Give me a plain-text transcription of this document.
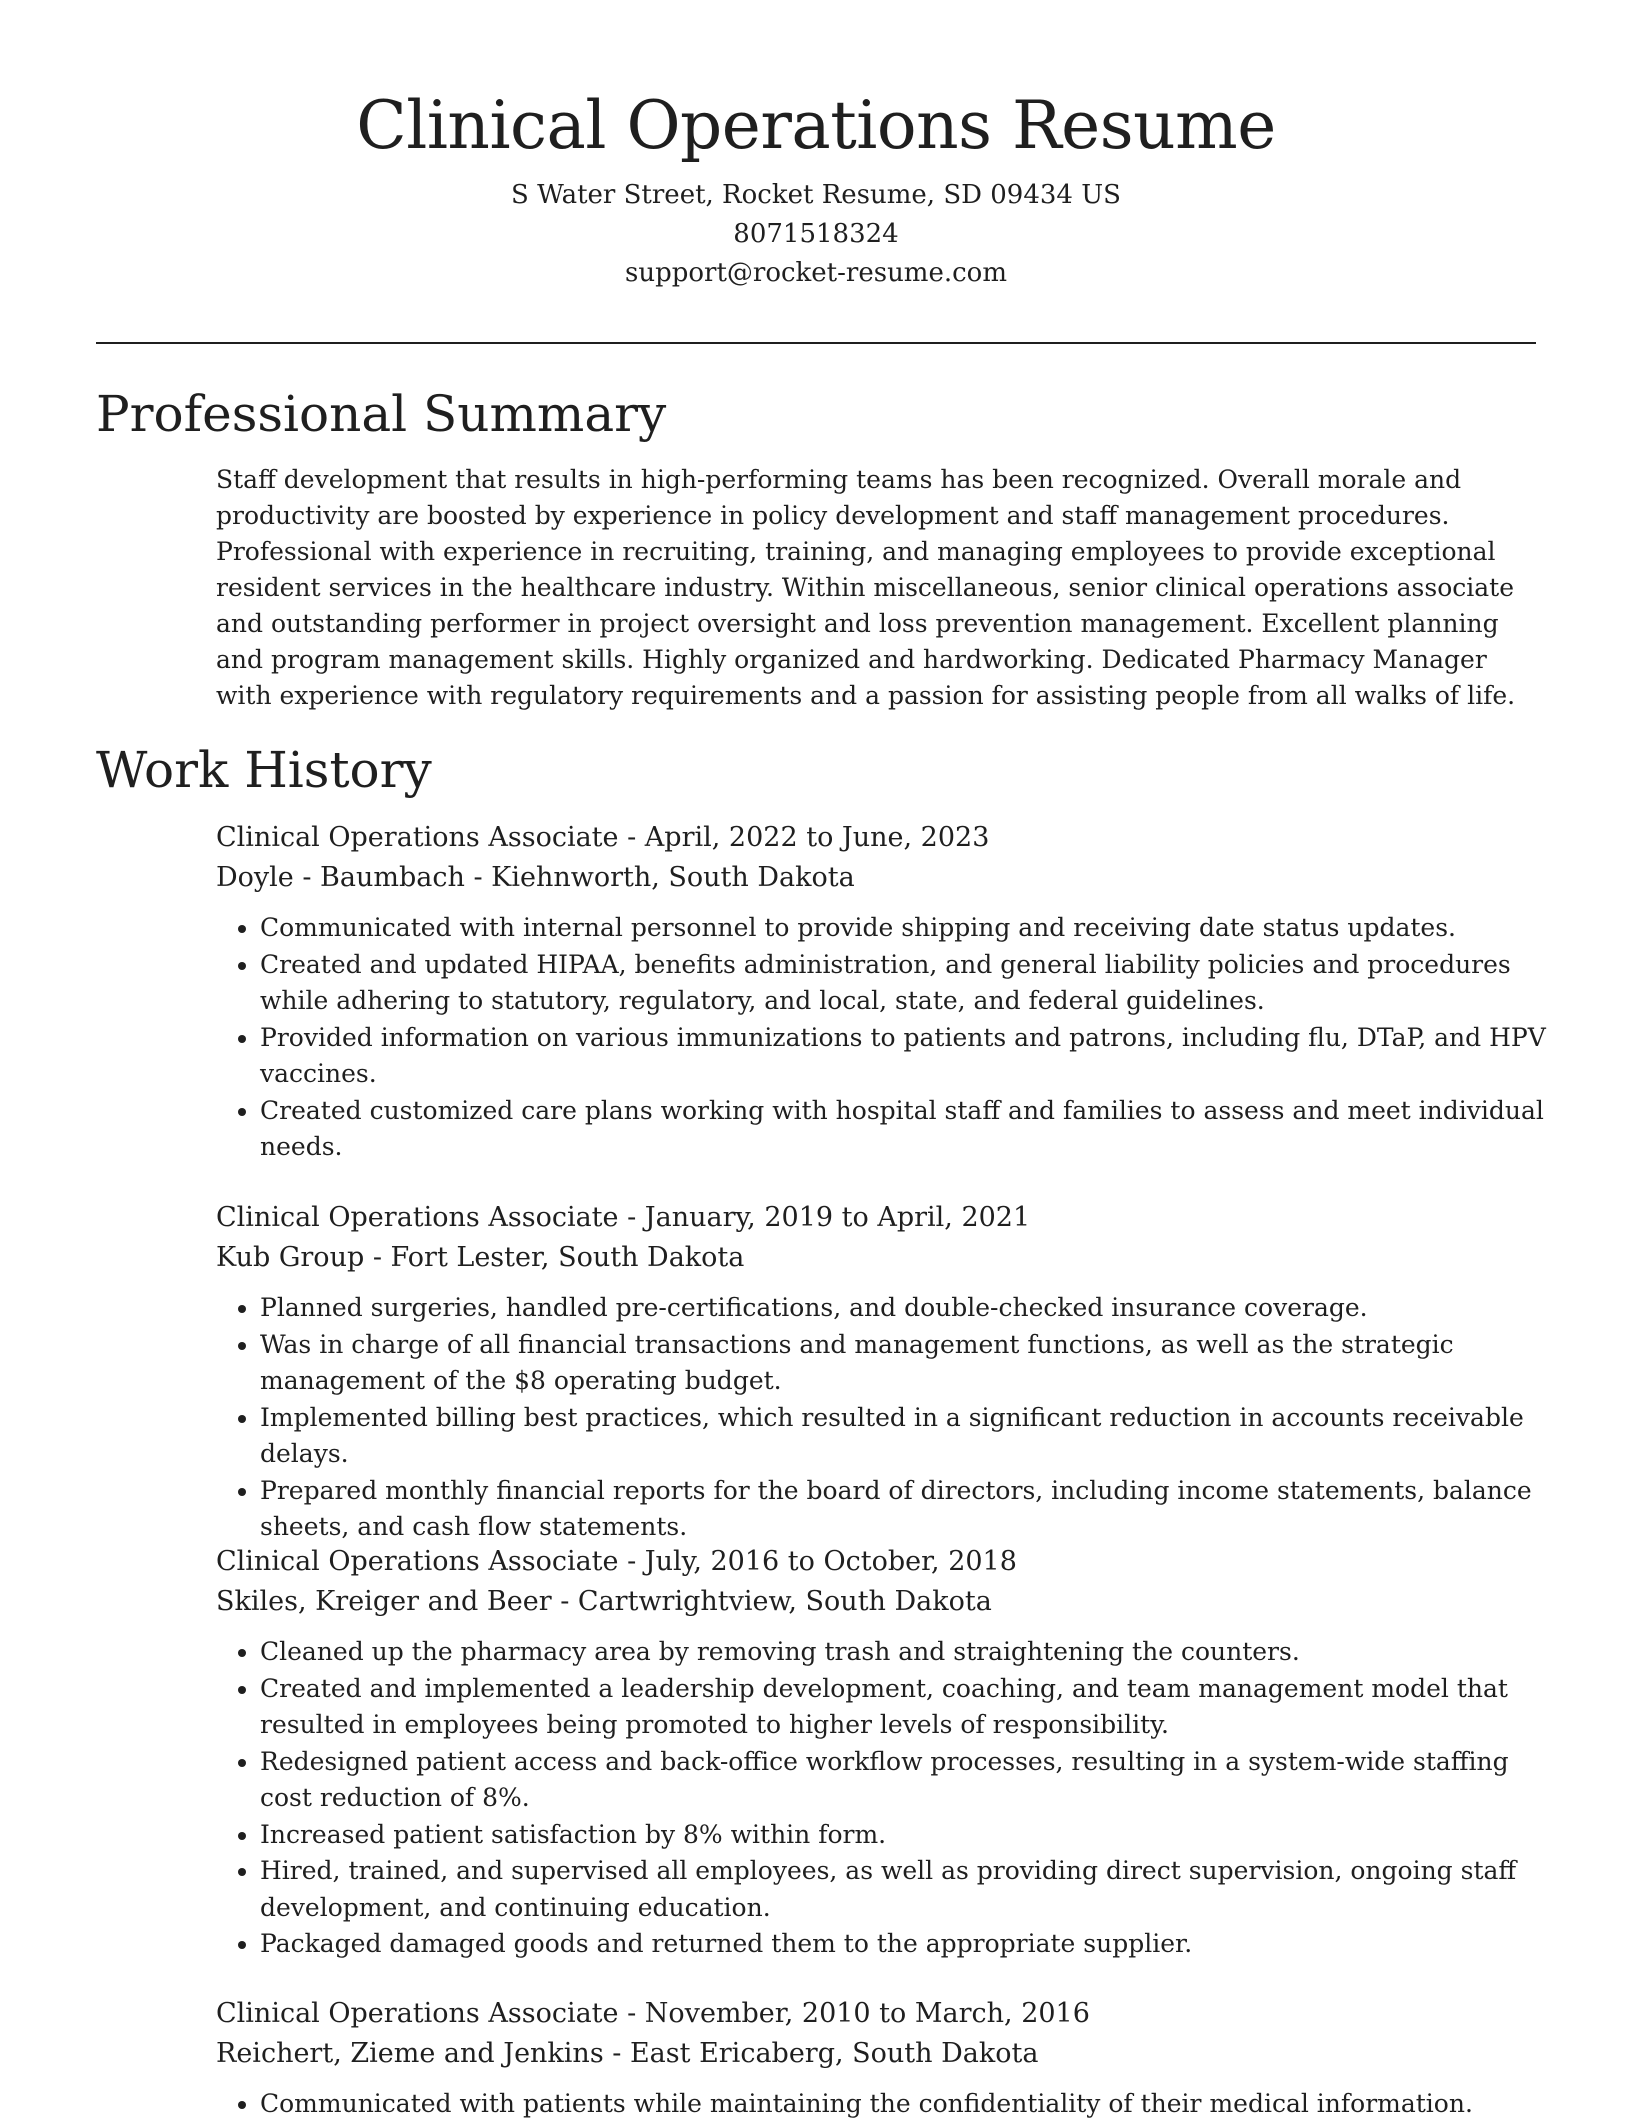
Clinical Operations Resume

S Water Street, Rocket Resume, SD 09434 US

8071518324

support@rocket-resume.com

Professional Summary

Staff development that results in high-performing teams has been recognized. Overall morale and productivity are boosted by experience in policy development and staff management procedures. Professional with experience in recruiting, training, and managing employees to provide exceptional resident services in the healthcare industry. Within miscellaneous, senior clinical operations associate and outstanding performer in project oversight and loss prevention management. Excellent planning and program management skills. Highly organized and hardworking. Dedicated Pharmacy Manager with experience with regulatory requirements and a passion for assisting people from all walks of life.

Work History

Clinical Operations Associate - April, 2022 to June, 2023

Doyle - Baumbach - Kiehnworth, South Dakota

• Communicated with internal personnel to provide shipping and receiving date status updates.
• Created and updated HIPAA, benefits administration, and general liability policies and procedures while adhering to statutory, regulatory, and local, state, and federal guidelines.
• Provided information on various immunizations to patients and patrons, including flu, DTaP, and HPV vaccines.
• Created customized care plans working with hospital staff and families to assess and meet individual needs.

Clinical Operations Associate - January, 2019 to April, 2021

Kub Group - Fort Lester, South Dakota

• Planned surgeries, handled pre-certifications, and double-checked insurance coverage.
• Was in charge of all financial transactions and management functions, as well as the strategic management of the $8 operating budget.
• Implemented billing best practices, which resulted in a significant reduction in accounts receivable delays.
• Prepared monthly financial reports for the board of directors, including income statements, balance sheets, and cash flow statements.

Clinical Operations Associate - July, 2016 to October, 2018

Skiles, Kreiger and Beer - Cartwrightview, South Dakota

• Cleaned up the pharmacy area by removing trash and straightening the counters.
• Created and implemented a leadership development, coaching, and team management model that resulted in employees being promoted to higher levels of responsibility.
• Redesigned patient access and back-office workflow processes, resulting in a system-wide staffing cost reduction of 8%.
• Increased patient satisfaction by 8% within form.
• Hired, trained, and supervised all employees, as well as providing direct supervision, ongoing staff development, and continuing education.
• Packaged damaged goods and returned them to the appropriate supplier.

Clinical Operations Associate - November, 2010 to March, 2016

Reichert, Zieme and Jenkins - East Ericaberg, South Dakota

• Communicated with patients while maintaining the confidentiality of their medical information.
